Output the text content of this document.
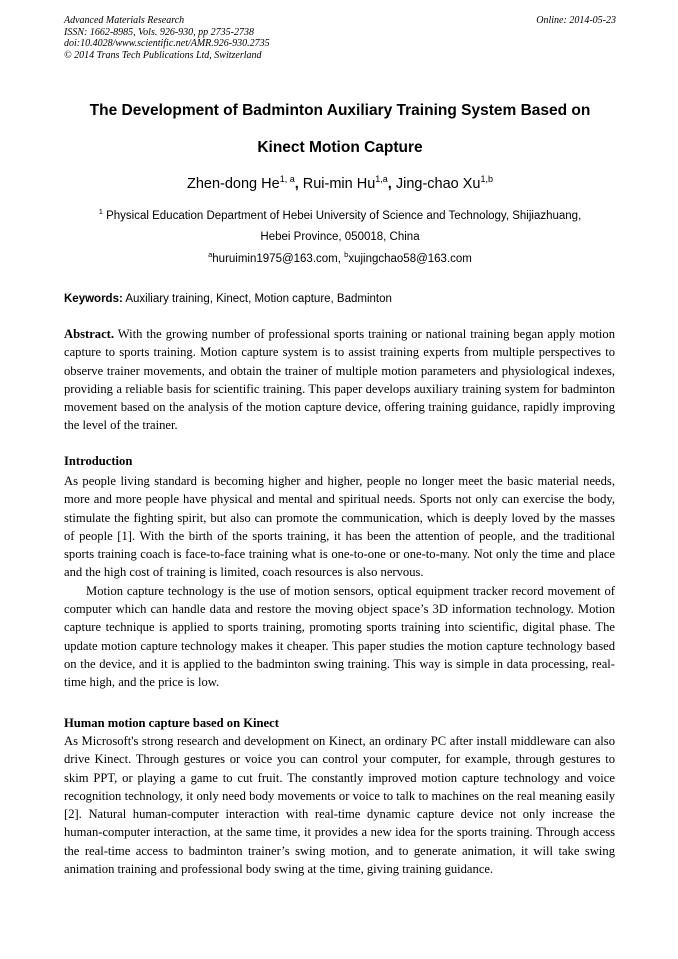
Advanced Materials Research
ISSN: 1662-8985, Vols. 926-930, pp 2735-2738
doi:10.4028/www.scientific.net/AMR.926-930.2735
© 2014 Trans Tech Publications Ltd, Switzerland
Online: 2014-05-23
The Development of Badminton Auxiliary Training System Based on
Kinect Motion Capture
Zhen-dong He$^{1, a}$, Rui-min Hu$^{1,a}$, Jing-chao Xu$^{1,b}$
$^1$ Physical Education Department of Hebei University of Science and Technology, Shijiazhuang,
Hebei Province, 050018, China
$^a$huruimin1975@163.com, $^b$xujingchao58@163.com
Keywords: Auxiliary training, Kinect, Motion capture, Badminton

Abstract. With the growing number of professional sports training or national training began apply motion capture to sports training. Motion capture system is to assist training experts from multiple perspectives to observe trainer movements, and obtain the trainer of multiple motion parameters and physiological indexes, providing a reliable basis for scientific training. This paper develops auxiliary training system for badminton movement based on the analysis of the motion capture device, offering training guidance, rapidly improving the level of the trainer.

Introduction

As people living standard is becoming higher and higher, people no longer meet the basic material needs, more and more people have physical and mental and spiritual needs. Sports not only can exercise the body, stimulate the fighting spirit, but also can promote the communication, which is deeply loved by the masses of people [1]. With the birth of the sports training, it has been the attention of people, and the traditional sports training coach is face-to-face training what is one-to-one or one-to-many. Not only the time and place and the high cost of training is limited, coach resources is also nervous.

Motion capture technology is the use of motion sensors, optical equipment tracker record movement of computer which can handle data and restore the moving object space’s 3D information technology. Motion capture technique is applied to sports training, promoting sports training into scientific, digital phase. The update motion capture technology makes it cheaper. This paper studies the motion capture technology based on the device, and it is applied to the badminton swing training. This way is simple in data processing, real-time high, and the price is low.

Human motion capture based on Kinect

As Microsoft's strong research and development on Kinect, an ordinary PC after install middleware can also drive Kinect. Through gestures or voice you can control your computer, for example, through gestures to skim PPT, or playing a game to cut fruit. The constantly improved motion capture technology and voice recognition technology, it only need body movements or voice to talk to machines on the real meaning easily [2]. Natural human-computer interaction with real-time dynamic capture device not only increase the human-computer interaction, at the same time, it provides a new idea for the sports training. Through access the real-time access to badminton trainer’s swing motion, and to generate animation, it will take swing animation training and professional body swing at the time, giving training guidance.
